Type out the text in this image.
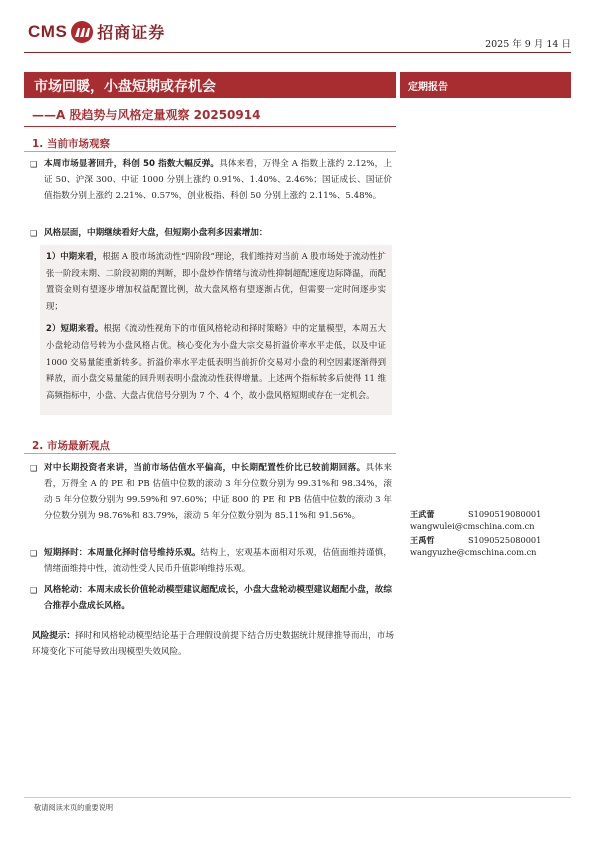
CMS 招商证券
2025 年 9 月 14 日
市场回暖，小盘短期或存机会
——A 股趋势与风格定量观察 20250914
定期报告
1. 当前市场观察
❑ 本周市场显著回升，科创 50 指数大幅反弹。具体来看，万得全 A 指数上涨约 2.12%，上证 50、沪深 300、中证 1000 分别上涨约 0.91%、1.40%、2.46%；国证成长、国证价值指数分别上涨约 2.21%、0.57%，创业板指、科创 50 分别上涨约 2.11%、5.48%。
❑ 风格层面，中期继续看好大盘，但短期小盘利多因素增加：
1）中期来看，根据 A 股市场流动性“四阶段”理论，我们维持对当前 A 股市场处于流动性扩张一阶段末期、二阶段初期的判断，即小盘炒作情绪与流动性抑制超配速度边际降温，而配置资金则有望逐步增加权益配置比例，故大盘风格有望逐渐占优，但需要一定时间逐步实现；
2）短期来看。根据《流动性视角下的市值风格轮动和择时策略》中的定量模型，本周五大小盘轮动信号转为小盘风格占优。核心变化为小盘大宗交易折溢价率水平走低，以及中证 1000 交易量能重新转多。折溢价率水平走低表明当前折价交易对小盘的利空因素逐渐得到释放，而小盘交易量能的回升则表明小盘流动性获得增量。上述两个指标转多后使得 11 维高频指标中，小盘、大盘占优信号分别为 7 个、4 个，故小盘风格短期或存在一定机会。
2. 市场最新观点
❑ 对中长期投资者来讲，当前市场估值水平偏高，中长期配置性价比已较前期回落。具体来看，万得全 A 的 PE 和 PB 估值中位数的滚动 3 年分位数分别为 99.31%和 98.34%，滚动 5 年分位数分别为 99.59%和 97.60%；中证 800 的 PE 和 PB 估值中位数的滚动 3 年分位数分别为 98.76%和 83.79%，滚动 5 年分位数分别为 85.11%和 91.56%。
❑ 短期择时：本周量化择时信号维持乐观。结构上，宏观基本面相对乐观，估值面维持谨慎，情绪面维持中性，流动性受人民币升值影响维持乐观。
❑ 风格轮动：本周末成长价值轮动模型建议超配成长，小盘大盘轮动模型建议超配小盘，故综合推荐小盘成长风格。
风险提示：择时和风格轮动模型结论基于合理假设前提下结合历史数据统计规律推导而出，市场环境变化下可能导致出现模型失效风险。
王武蕾	S1090519080001
wangwulei@cmschina.com.cn
王禹哲	S1090525080001
wangyuzhe@cmschina.com.cn
敬请阅读末页的重要说明
